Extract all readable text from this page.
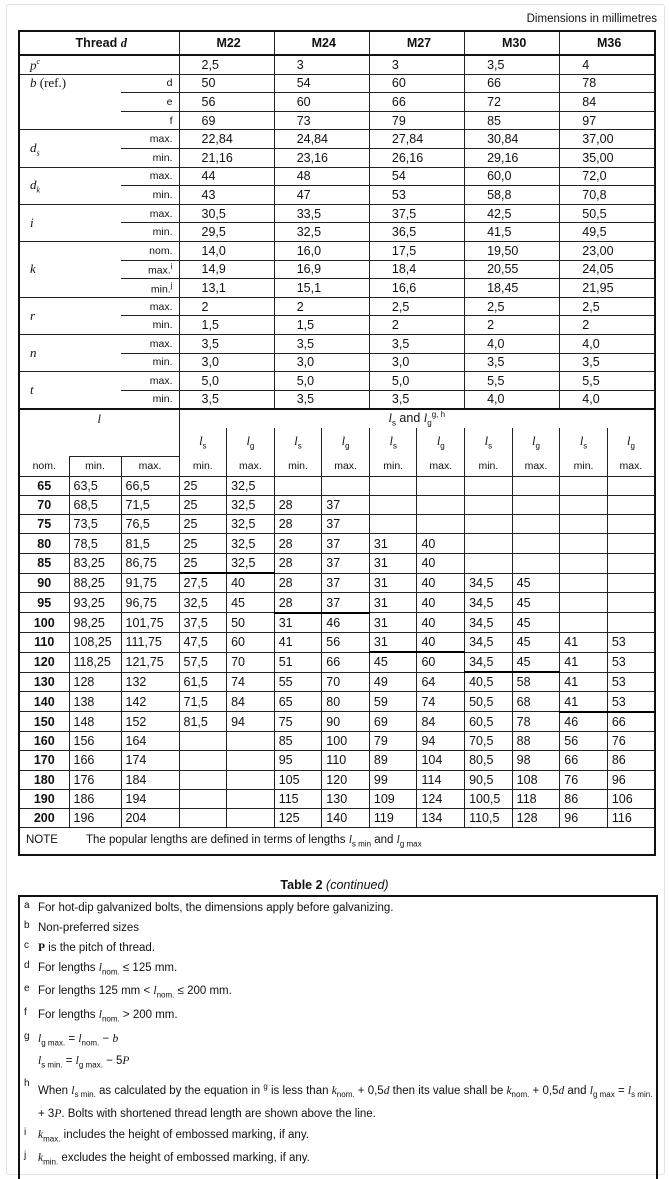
Dimensions in millimetres
Thread d		M22	M24	M27	M30	M36
$p^c$		2,5	3	3	3,5	4
b (ref.)	d	50	54	60	66	78
	e	56	60	66	72	84
	f	69	73	79	85	97
$d_s$	max.	22,84	24,84	27,84	30,84	37,00
	min.	21,16	23,16	26,16	29,16	35,00
$d_k$	max.	44	48	54	60,0	72,0
	min.	43	47	53	58,8	70,8
i	max.	30,5	33,5	37,5	42,5	50,5
	min.	29,5	32,5	36,5	41,5	49,5
k	nom.	14,0	16,0	17,5	19,50	23,00
	max.$^i$	14,9	16,9	18,4	20,55	24,05
	min.$^j$	13,1	15,1	16,6	18,45	21,95
r	max.	2	2	2,5	2,5	2,5
	min.	1,5	1,5	2	2	2
n	max.	3,5	3,5	3,5	4,0	4,0
	min.	3,0	3,0	3,0	3,5	3,5
t	max.	5,0	5,0	5,0	5,5	5,5
	min.	3,5	3,5	3,5	4,0	4,0
l			$l_s$ and $l_g^{g, h}$
			$l_s$	$l_g$	$l_s$	$l_g$	$l_s$	$l_g$	$l_s$	$l_g$	$l_s$	$l_g$
nom.	min.	max.	min.	max.	min.	max.	min.	max.	min.	max.	min.	max.
65	63,5	66,5	25	32,5								
70	68,5	71,5	25	32,5	28	37						
75	73,5	76,5	25	32,5	28	37						
80	78,5	81,5	25	32,5	28	37	31	40				
85	83,25	86,75	25	32,5	28	37	31	40				
90	88,25	91,75	27,5	40	28	37	31	40	34,5	45		
95	93,25	96,75	32,5	45	28	37	31	40	34,5	45		
100	98,25	101,75	37,5	50	31	46	31	40	34,5	45		
110	108,25	111,75	47,5	60	41	56	31	40	34,5	45	41	53
120	118,25	121,75	57,5	70	51	66	45	60	34,5	45	41	53
130	128	132	61,5	74	55	70	49	64	40,5	58	41	53
140	138	142	71,5	84	65	80	59	74	50,5	68	41	53
150	148	152	81,5	94	75	90	69	84	60,5	78	46	66
160	156	164			85	100	79	94	70,5	88	56	76
170	166	174			95	110	89	104	80,5	98	66	86
180	176	184			105	120	99	114	90,5	108	76	96
190	186	194			115	130	109	124	100,5	118	86	106
200	196	204			125	140	119	134	110,5	128	96	116
NOTE The popular lengths are defined in terms of lengths $l_{s min}$ and $l_{g max}$
Table 2 (continued)
a For hot-dip galvanized bolts, the dimensions apply before galvanizing.
b Non-preferred sizes
c P is the pitch of thread.
d For lengths $l_{nom.} \le 125$ mm.
e For lengths 125 mm < $l_{nom.} \le 200$ mm.
f For lengths $l_{nom.} > 200$ mm.
g $l_{g max.} = l_{nom.} - b$
$l_{s min.} = l_{g max.} - 5P$
h
When $l_{s min.}$ as calculated by the equation in $^g$ is less than $k_{nom.} + 0,5d$ then its value shall be $k_{nom.} + 0,5d$ and $l_{g max} = l_{s min.} + 3P$. Bolts with shortened thread length are shown above the line.
i $k_{max.}$ includes the height of embossed marking, if any.
j $k_{min.}$ excludes the height of embossed marking, if any.
